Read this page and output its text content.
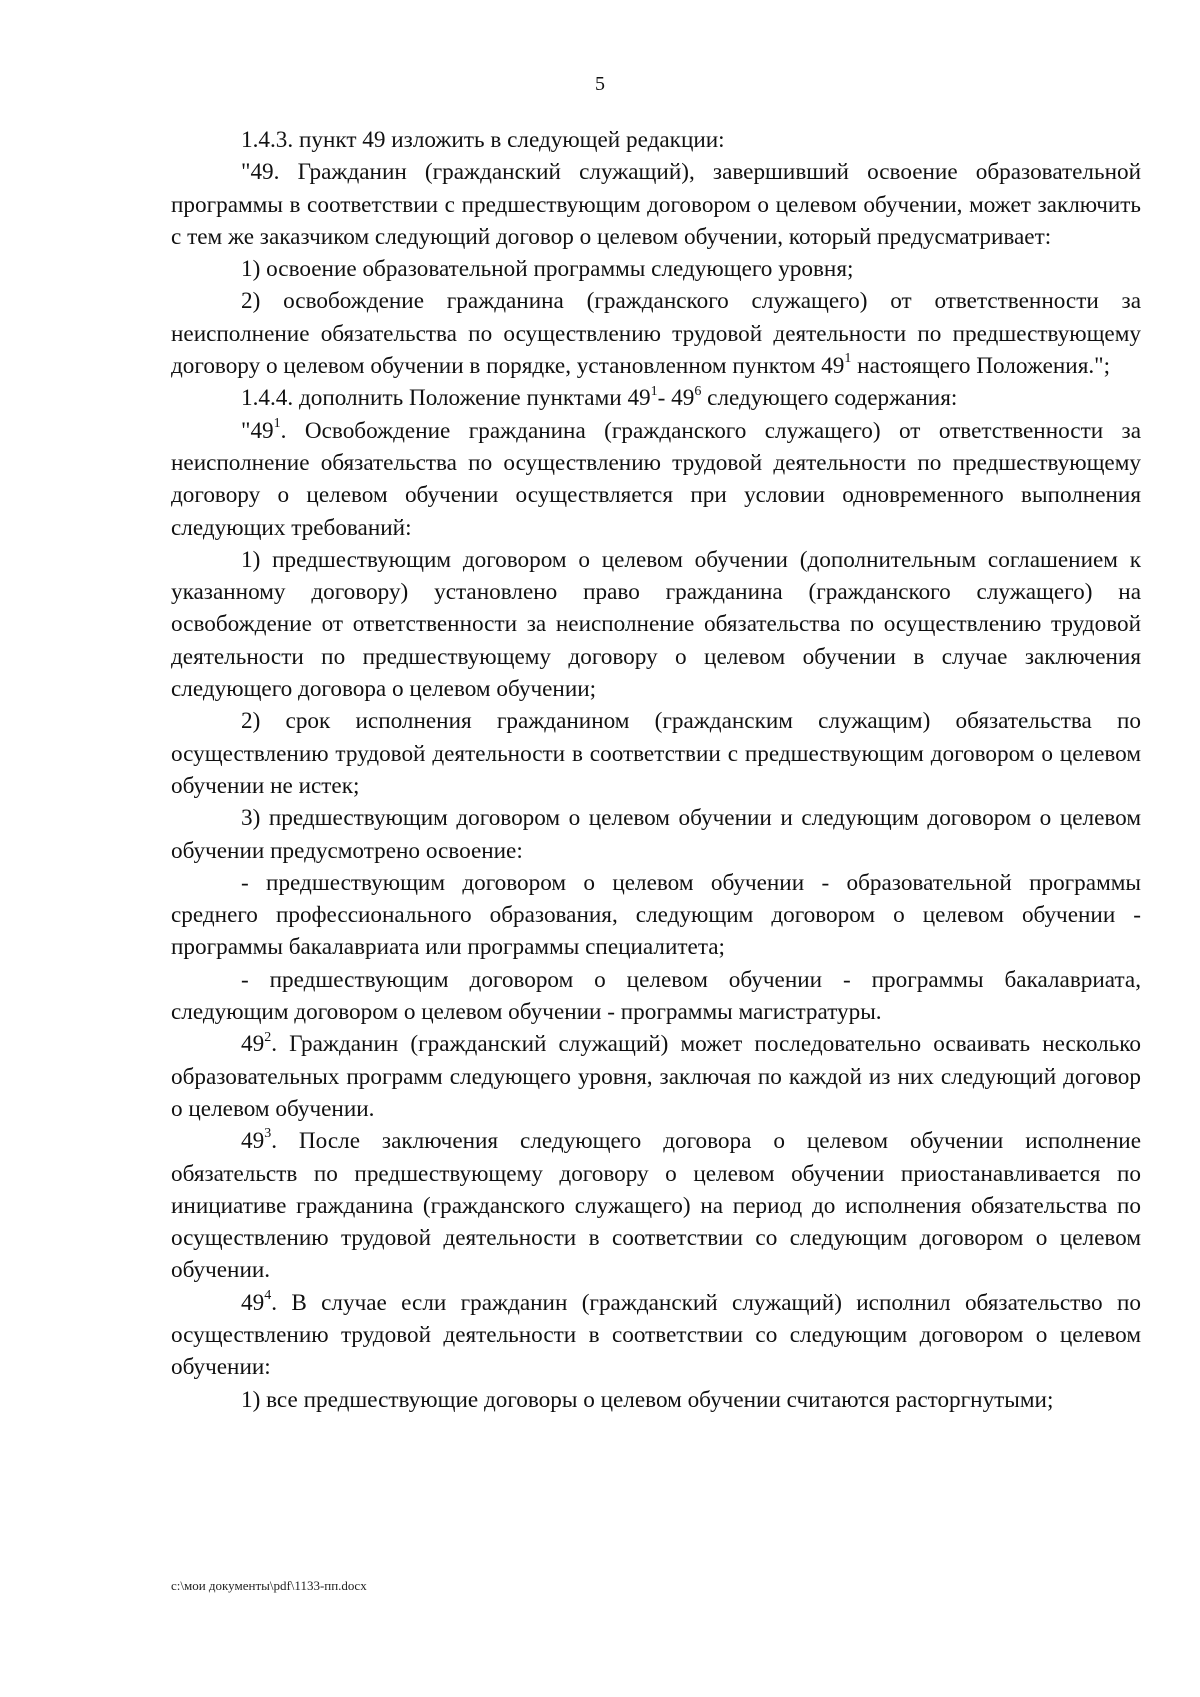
5

1.4.3. пункт 49 изложить в следующей редакции:

"49. Гражданин (гражданский служащий), завершивший освоение образовательной программы в соответствии с предшествующим договором о целевом обучении, может заключить с тем же заказчиком следующий договор о целевом обучении, который предусматривает:

1) освоение образовательной программы следующего уровня;

2) освобождение гражданина (гражданского служащего) от ответственности за неисполнение обязательства по осуществлению трудовой деятельности по предшествующему договору о целевом обучении в порядке, установленном пунктом $49^1$ настоящего Положения.";

1.4.4. дополнить Положение пунктами $49^1-$ $49^6$ следующего содержания:

"$49^1$. Освобождение гражданина (гражданского служащего) от ответственности за неисполнение обязательства по осуществлению трудовой деятельности по предшествующему договору о целевом обучении осуществляется при условии одновременного выполнения следующих требований:

1) предшествующим договором о целевом обучении (дополнительным соглашением к указанному договору) установлено право гражданина (гражданского служащего) на освобождение от ответственности за неисполнение обязательства по осуществлению трудовой деятельности по предшествующему договору о целевом обучении в случае заключения следующего договора о целевом обучении;

2) срок исполнения гражданином (гражданским служащим) обязательства по осуществлению трудовой деятельности в соответствии с предшествующим договором о целевом обучении не истек;

3) предшествующим договором о целевом обучении и следующим договором о целевом обучении предусмотрено освоение:

- предшествующим договором о целевом обучении - образовательной программы среднего профессионального образования, следующим договором о целевом обучении - программы бакалавриата или программы специалитета;

- предшествующим договором о целевом обучении - программы бакалавриата, следующим договором о целевом обучении - программы магистратуры.

$49^2$. Гражданин (гражданский служащий) может последовательно осваивать несколько образовательных программ следующего уровня, заключая по каждой из них следующий договор о целевом обучении.

$49^3$. После заключения следующего договора о целевом обучении исполнение обязательств по предшествующему договору о целевом обучении приостанавливается по инициативе гражданина (гражданского служащего) на период до исполнения обязательства по осуществлению трудовой деятельности в соответствии со следующим договором о целевом обучении.

$49^4$. В случае если гражданин (гражданский служащий) исполнил обязательство по осуществлению трудовой деятельности в соответствии со следующим договором о целевом обучении:

1) все предшествующие договоры о целевом обучении считаются расторгнутыми;

c:\мои документы\pdf\1133-пп.docx
